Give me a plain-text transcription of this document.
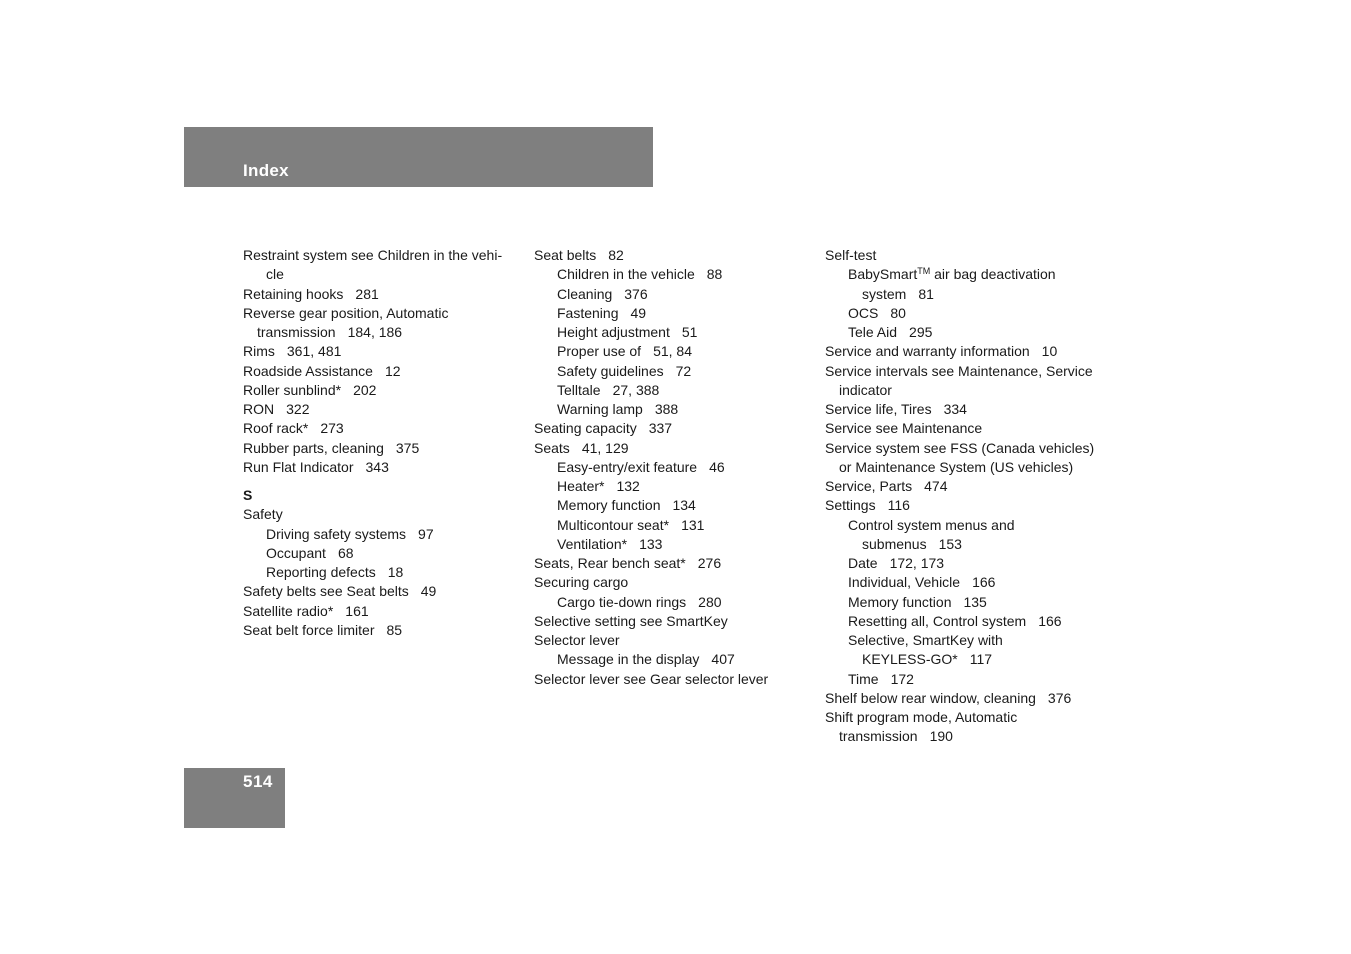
Index
Restraint system see Children in the vehi-
cle
Retaining hooks 281
Reverse gear position, Automatic
transmission 184, 186
Rims 361, 481
Roadside Assistance 12
Roller sunblind* 202
RON 322
Roof rack* 273
Rubber parts, cleaning 375
Run Flat Indicator 343
S
Safety
Driving safety systems 97
Occupant 68
Reporting defects 18
Safety belts see Seat belts 49
Satellite radio* 161
Seat belt force limiter 85
Seat belts 82
Children in the vehicle 88
Cleaning 376
Fastening 49
Height adjustment 51
Proper use of 51, 84
Safety guidelines 72
Telltale 27, 388
Warning lamp 388
Seating capacity 337
Seats 41, 129
Easy-entry/exit feature 46
Heater* 132
Memory function 134
Multicontour seat* 131
Ventilation* 133
Seats, Rear bench seat* 276
Securing cargo
Cargo tie-down rings 280
Selective setting see SmartKey
Selector lever
Message in the display 407
Selector lever see Gear selector lever
Self-test
BabySmart™ air bag deactivation
system 81
OCS 80
Tele Aid 295
Service and warranty information 10
Service intervals see Maintenance, Service
indicator
Service life, Tires 334
Service see Maintenance
Service system see FSS (Canada vehicles)
or Maintenance System (US vehicles)
Service, Parts 474
Settings 116
Control system menus and
submenus 153
Date 172, 173
Individual, Vehicle 166
Memory function 135
Resetting all, Control system 166
Selective, SmartKey with
KEYLESS-GO* 117
Time 172
Shelf below rear window, cleaning 376
Shift program mode, Automatic
transmission 190
514
